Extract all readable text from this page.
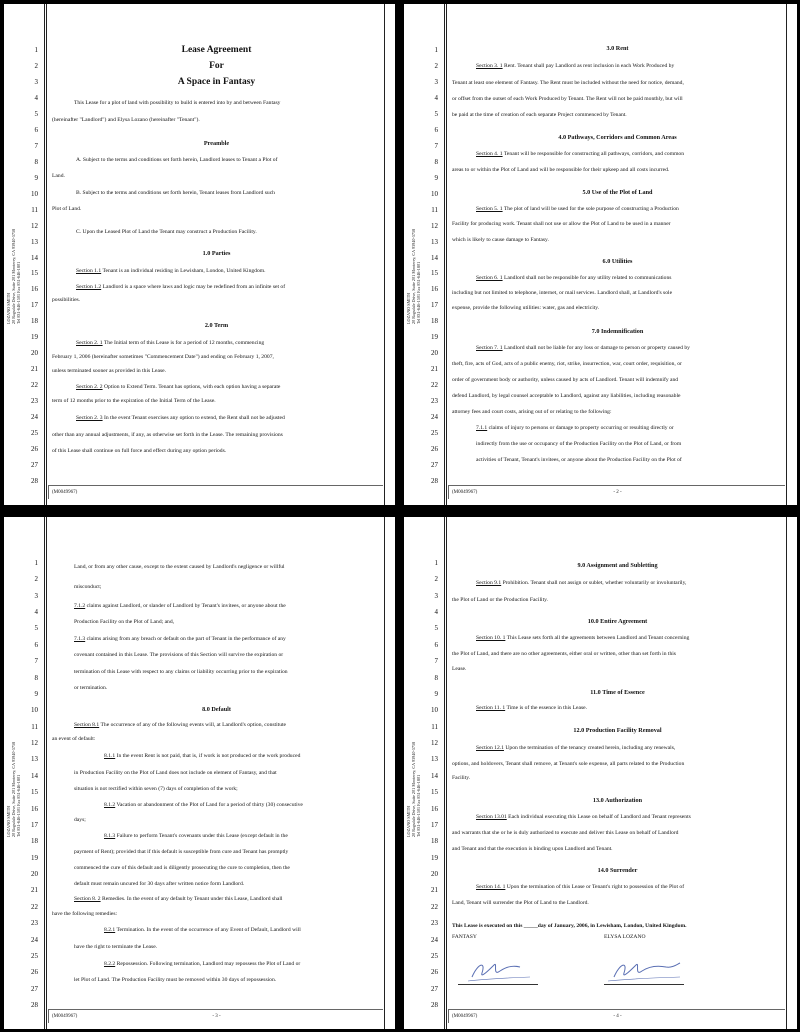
LOZANO SMITH 20 Ragsdale Drive, Suite 201 Monterey, CA 93940-5758 Tel 831-646-1501 Fax 831-646-1801
Lease Agreement
For
A Space in Fantasy
This Lease for a plot of land with possibility to build is entered into by and between Fantasy
(hereinafter "Landlord") and Elysa Lozano (hereinafter "Tenant").
Preamble
A. Subject to the terms and conditions set forth herein, Landlord leases to Tenant a Plot of
Land.
B. Subject to the terms and conditions set forth herein, Tenant leases from Landlord such
Plot of Land.
C. Upon the Leased Plot of Land the Tenant may construct a Production Facility.
1.0 Parties
Section 1.1 Tenant is an individual residing in Lewisham, London, United Kingdom.
Section 1.2 Landlord is a space where laws and logic may be redefined from an infinite set of
possibilities.
2.0 Term
Section 2. 1 The Initial term of this Lease is for a period of 12 months, commencing
February 1, 2006 (hereinafter sometimes "Commencement Date") and ending on February 1, 2007,
unless terminated sooner as provided in this Lease.
Section 2. 2 Option to Extend Term. Tenant has options, with each option having a separate
term of 12 months prior to the expiration of the Initial Term of the Lease.
Section 2. 3 In the event Tenant exercises any option to extend, the Rent shall not be adjusted
other than any annual adjustments, if any, as otherwise set forth in the Lease. The remaining provisions
of this Lease shall continue on full force and effect during any option periods.
(M0049967)
1
2
3
4
5
6
7
8
9
10
11
12
13
14
15
16
17
18
19
20
21
22
23
24
25
26
27
28
LOZANO SMITH 20 Ragsdale Drive, Suite 201 Monterey, CA 93940-5758 Tel 831-646-1501 Fax 831-646-1801
3.0 Rent
Section 3. 1 Rent. Tenant shall pay Landlord as rent inclusion in each Work Produced by
Tenant at least one element of Fantasy. The Rent must be included without the need for notice, demand,
or offset from the outset of each Work Produced by Tenant. The Rent will not be paid monthly, but will
be paid at the time of creation of each separate Project commenced by Tenant.
4.0 Pathways, Corridors and Common Areas
Section 4. 1 Tenant will be responsible for constructing all pathways, corridors, and common
areas to or within the Plot of Land and will be responsible for their upkeep and all costs incurred.
5.0 Use of the Plot of Land
Section 5. 1 The plot of land will be used for the sole purpose of constructing a Production
Facility for producing work. Tenant shall not use or allow the Plot of Land to be used in a manner
which is likely to cause damage to Fantasy.
6.0 Utilities
Section 6. 1 Landlord shall not be responsible for any utility related to communications
including but not limited to telephone, internet, or mail services. Landlord shall, at Landlord's sole
expense, provide the following utilities: water, gas and electricity.
7.0 Indemnification
Section 7. 1 Landlord shall not be liable for any loss or damage to person or property caused by
theft, fire, acts of God, acts of a public enemy, riot, strike, insurrection, war, court order, requisition, or
order of government body or authority, unless caused by acts of Landlord. Tenant will indemnify and
defend Landlord, by legal counsel acceptable to Landlord, against any liabilities, including reasonable
attorney fees and court costs, arising out of or relating to the following:
7.1.1 claims of injury to persons or damage to property occurring or resulting directly or
indirectly from the use or occupancy of the Production Facility on the Plot of Land, or from
activities of Tenant, Tenant's invitees, or anyone about the Production Facility on the Plot of
(M0049967)	- 2 -
1
2
3
4
5
6
7
8
9
10
11
12
13
14
15
16
17
18
19
20
21
22
23
24
25
26
27
28
LOZANO SMITH 20 Ragsdale Drive, Suite 201 Monterey, CA 93940-5758 Tel 831-646-1501 Fax 831-646-1801
Land, or from any other cause, except to the extent caused by Landlord's negligence or willful
misconduct;
7.1.2 claims against Landlord, or slander of Landlord by Tenant's invitees, or anyone about the
Production Facility on the Plot of Land; and,
7.1.3 claims arising from any breach or default on the part of Tenant in the performance of any
covenant contained in this Lease. The provisions of this Section will survive the expiration or
termination of this Lease with respect to any claims or liability occurring prior to the expiration
or termination.
8.0 Default
Section 8.1 The occurrence of any of the following events will, at Landlord's option, constitute
an event of default:
8.1.1 In the event Rent is not paid, that is, if work is not produced or the work produced
in Production Facility on the Plot of Land does not include on element of Fantasy, and that
situation is not rectified within seven (7) days of completion of the work;
8.1.2 Vacation or abandonment of the Plot of Land for a period of thirty (30) consecutive
days;
8.1.3 Failure to perform Tenant's covenants under this Lease (except default in the
payment of Rent); provided that if this default is susceptible from cure and Tenant has promptly
commenced the cure of this default and is diligently prosecuting the cure to completion, then the
default must remain uncured for 30 days after written notice form Landlord.
Section 8. 2 Remedies. In the event of any default by Tenant under this Lease, Landlord shall
have the following remedies:
8.2.1 Termination. In the event of the occurrence of any Event of Default, Landlord will
have the right to terminate the Lease.
8.2.2 Repossession. Following termination, Landlord may repossess the Plot of Land or
let Plot of Land. The Production Facility must be removed within 30 days of repossession.
(M0049967)	- 3 -
1
2
3
4
5
6
7
8
9
10
11
12
13
14
15
16
17
18
19
20
21
22
23
24
25
26
27
28
LOZANO SMITH 20 Ragsdale Drive, Suite 201 Monterey, CA 93940-5758 Tel 831-646-1501 Fax 831-646-1801
9.0 Assignment and Subletting
Section 9.1 Prohibition. Tenant shall not assign or sublet, whether voluntarily or involuntarily,
the Plot of Land or the Production Facility.
10.0 Entire Agreement
Section 10. 1 This Lease sets forth all the agreements between Landlord and Tenant concerning
the Plot of Land, and there are no other agreements, either oral or written, other than set forth in this
Lease.
11.0 Time of Essence
Section 11. 1 Time is of the essence in this Lease.
12.0 Production Facility Removal
Section 12.1 Upon the termination of the tenancy created herein, including any renewals,
options, and holdovers, Tenant shall remove, at Tenant's sole expense, all parts related to the Production
Facility.
13.0 Authorization
Section 13.01 Each individual executing this Lease on behalf of Landlord and Tenant represents
and warrants that she or he is duly authorized to execute and deliver this Lease on behalf of Landlord
and Tenant and that the execution is binding upon Landlord and Tenant.
14.0 Surrender
Section 14. 1 Upon the termination of this Lease or Tenant's right to possession of the Plot of
Land, Tenant will surrender the Plot of Land to the Landlord.
This Lease is executed on this _____day of January, 2006, in Lewisham, London, United Kingdom.
FANTASY	ELYSA LOZANO
(M0049967)	- 4 -
1
2
3
4
5
6
7
8
9
10
11
12
13
14
15
16
17
18
19
20
21
22
23
24
25
26
27
28
